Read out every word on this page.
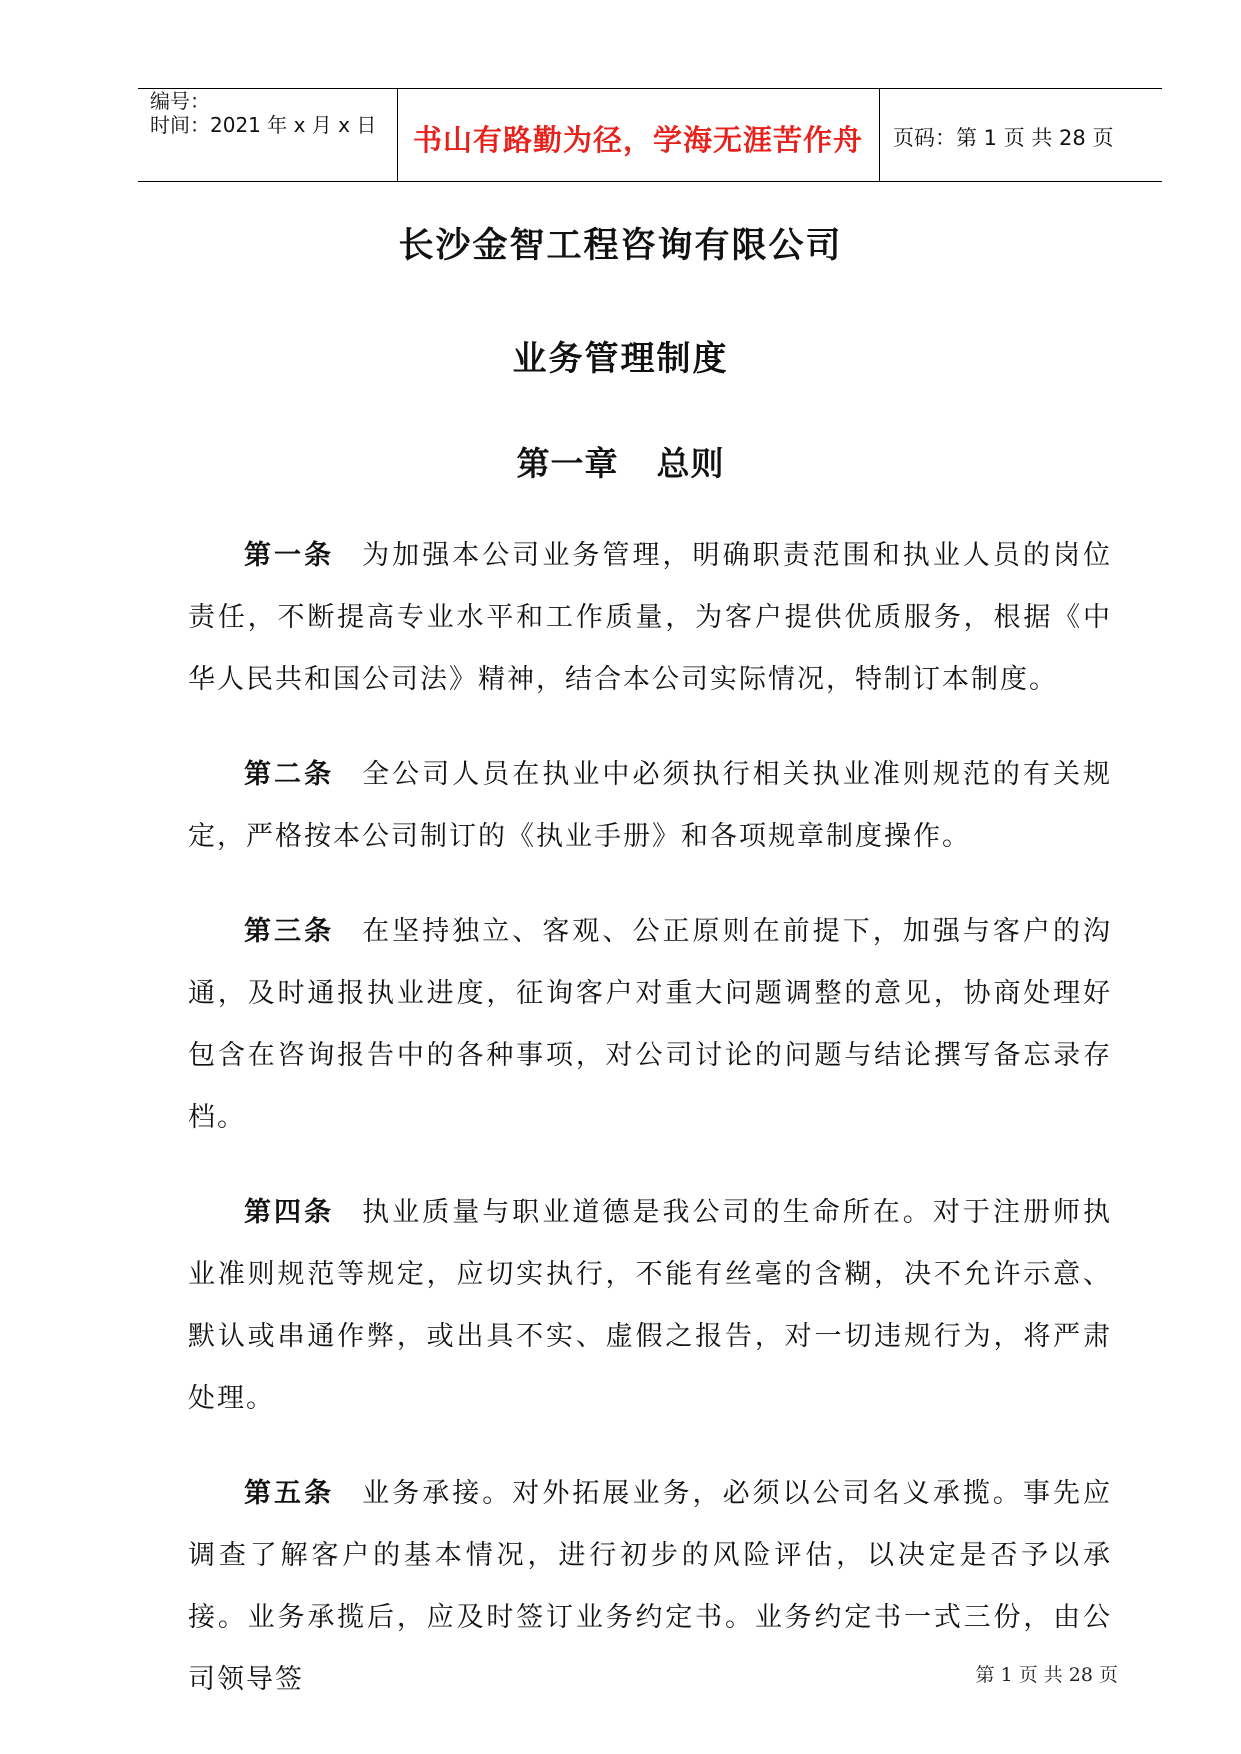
编号：
时间：2021 年 x 月 x 日	书山有路勤为径，学海无涯苦作舟	页码：第 1 页 共 28 页
长沙金智工程咨询有限公司
业务管理制度
第一章 总则

第一条 为加强本公司业务管理，明确职责范围和执业人员的岗位责任，不断提高专业水平和工作质量，为客户提供优质服务，根据《中华人民共和国公司法》精神，结合本公司实际情况，特制订本制度。

第二条 全公司人员在执业中必须执行相关执业准则规范的有关规定，严格按本公司制订的《执业手册》和各项规章制度操作。

第三条 在坚持独立、客观、公正原则在前提下，加强与客户的沟通，及时通报执业进度，征询客户对重大问题调整的意见，协商处理好包含在咨询报告中的各种事项，对公司讨论的问题与结论撰写备忘录存档。

第四条 执业质量与职业道德是我公司的生命所在。对于注册师执业准则规范等规定，应切实执行，不能有丝毫的含糊，决不允许示意、默认或串通作弊，或出具不实、虚假之报告，对一切违规行为，将严肃处理。

第五条 业务承接。对外拓展业务，必须以公司名义承揽。事先应调查了解客户的基本情况，进行初步的风险评估，以决定是否予以承接。业务承揽后，应及时签订业务约定书。业务约定书一式三份，由公司领导签	第 1 页 共 28 页
